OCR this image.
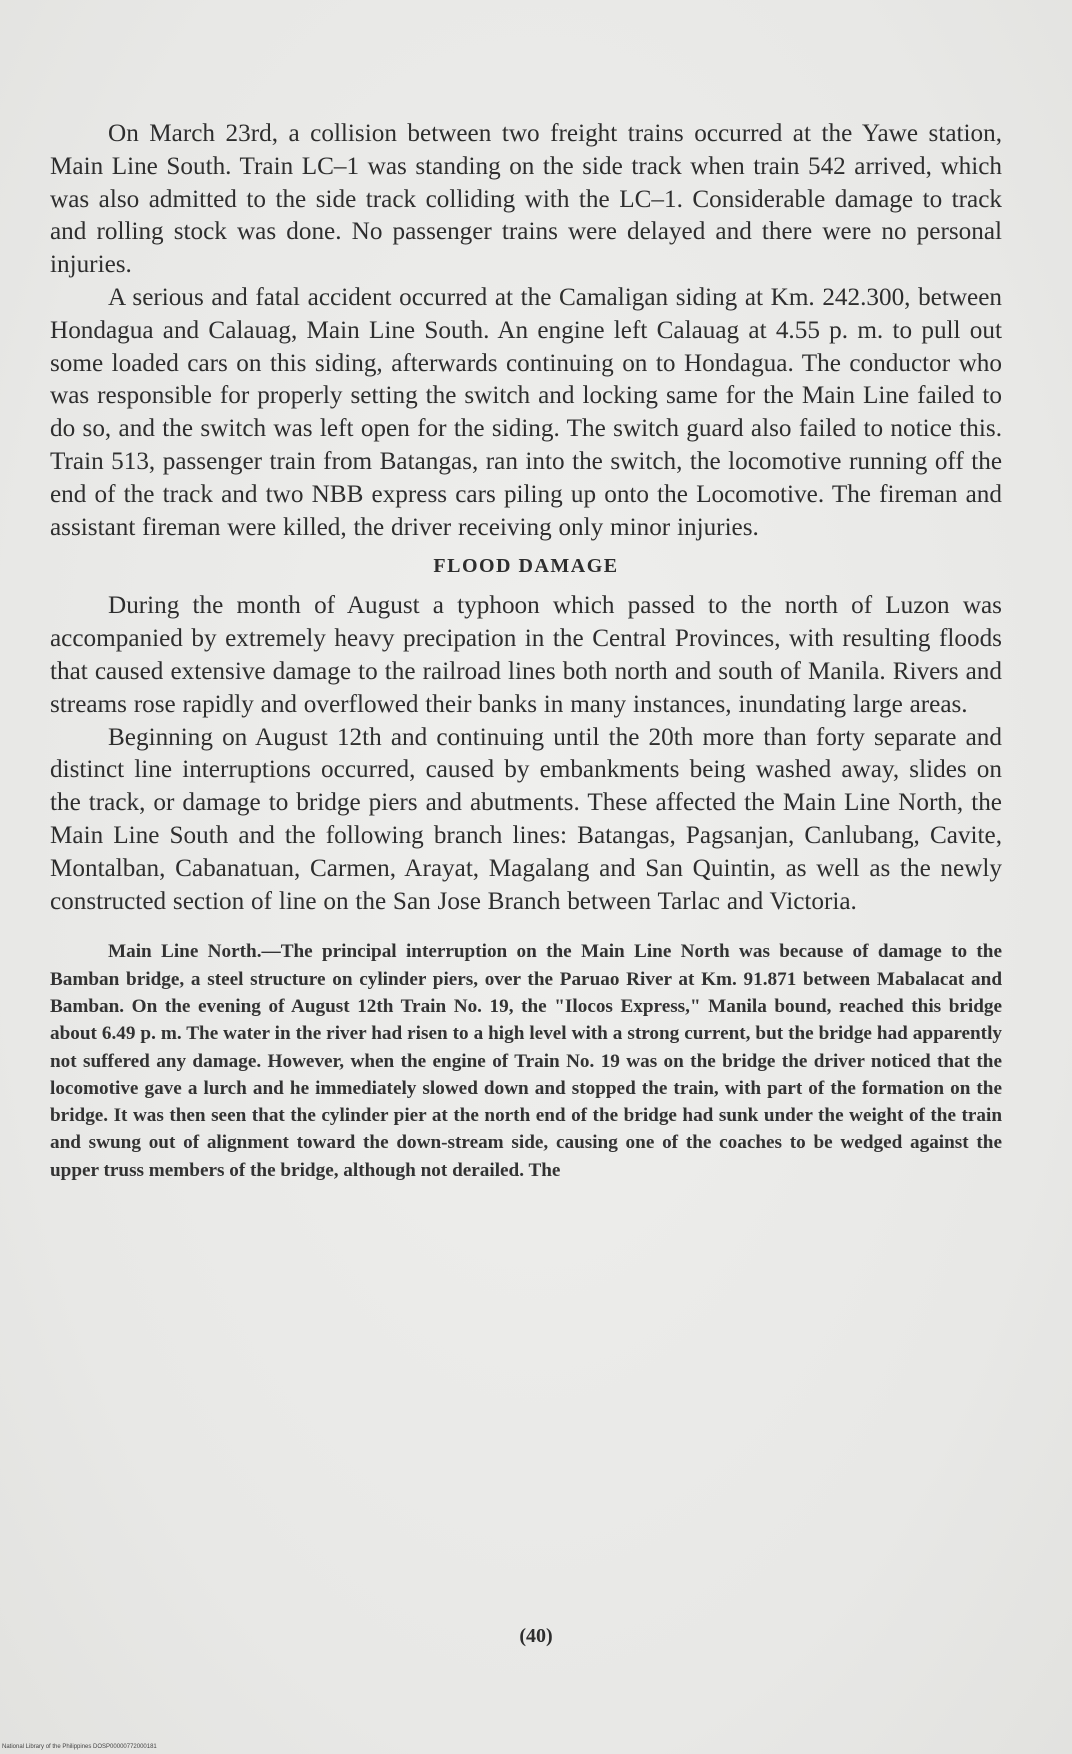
On March 23rd, a collision between two freight trains occurred at the Yawe station, Main Line South. Train LC–1 was standing on the side track when train 542 arrived, which was also admitted to the side track colliding with the LC–1. Considerable damage to track and rolling stock was done. No passenger trains were delayed and there were no personal injuries.

A serious and fatal accident occurred at the Camaligan siding at Km. 242.300, between Hondagua and Calauag, Main Line South. An engine left Calauag at 4.55 p. m. to pull out some loaded cars on this siding, afterwards continuing on to Hondagua. The conductor who was responsible for properly setting the switch and locking same for the Main Line failed to do so, and the switch was left open for the siding. The switch guard also failed to notice this. Train 513, passenger train from Batangas, ran into the switch, the locomotive running off the end of the track and two NBB express cars piling up onto the Locomotive. The fireman and assistant fireman were killed, the driver receiving only minor injuries.

FLOOD DAMAGE

During the month of August a typhoon which passed to the north of Luzon was accompanied by extremely heavy precipation in the Central Provinces, with resulting floods that caused extensive damage to the railroad lines both north and south of Manila. Rivers and streams rose rapidly and overflowed their banks in many instances, inundating large areas.

Beginning on August 12th and continuing until the 20th more than forty separate and distinct line interruptions occurred, caused by embankments being washed away, slides on the track, or damage to bridge piers and abutments. These affected the Main Line North, the Main Line South and the following branch lines: Batangas, Pagsanjan, Canlubang, Cavite, Montalban, Cabanatuan, Carmen, Arayat, Magalang and San Quintin, as well as the newly constructed section of line on the San Jose Branch between Tarlac and Victoria.

Main Line North.—The principal interruption on the Main Line North was because of damage to the Bamban bridge, a steel structure on cylinder piers, over the Paruao River at Km. 91.871 between Mabalacat and Bamban. On the evening of August 12th Train No. 19, the "Ilocos Express," Manila bound, reached this bridge about 6.49 p. m. The water in the river had risen to a high level with a strong current, but the bridge had apparently not suffered any damage. However, when the engine of Train No. 19 was on the bridge the driver noticed that the locomotive gave a lurch and he immediately slowed down and stopped the train, with part of the formation on the bridge. It was then seen that the cylinder pier at the north end of the bridge had sunk under the weight of the train and swung out of alignment toward the down-stream side, causing one of the coaches to be wedged against the upper truss members of the bridge, although not derailed. The

(40)
National Library of the Philippines DOSP00000772000181
